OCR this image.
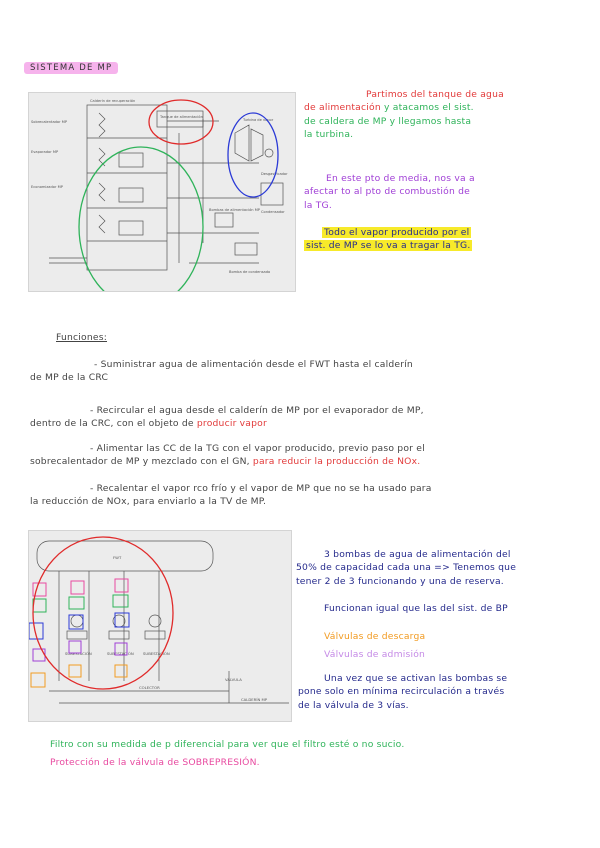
SISTEMA DE MP
Calderín de recuperación
Tanque de alimentación
Sobrecalentador MP
Evaporador MP
Economizador MP
Turbina de vapor
Bombas de alimentación MP Condensador
Desgasificador
Bomba de condensado
Partimos del tanque de agua
de alimentación y atacamos el sist.
de caldera de MP y llegamos hasta
la turbina.
En este pto de media, nos va a
afectar to al pto de combustión de
la TG.
Todo el vapor producido por el
sist. de MP se lo va a tragar la TG.
Funciones:
- Suministrar agua de alimentación desde el FWT hasta el calderín
de MP de la CRC
- Recircular el agua desde el calderín de MP por el evaporador de MP,
dentro de la CRC, con el objeto de producir vapor
- Alimentar las CC de la TG con el vapor producido, previo paso por el
sobrecalentador de MP y mezclado con el GN, para reducir la producción de NOx.
- Recalentar el vapor rco frío y el vapor de MP que no se ha usado para
la reducción de NOx, para enviarlo a la TV de MP.
FWT
SUBESTACIÓN	SUBESTACIÓN SUBESTACIÓN
COLECTOR
VÁLVULA
CALDERÍN MP
3 bombas de agua de alimentación del
50% de capacidad cada una => Tenemos que
tener 2 de 3 funcionando y una de reserva.
Funcionan igual que las del sist. de BP
Válvulas de descarga
Válvulas de admisión
Una vez que se activan las bombas se
pone solo en mínima recirculación a través
de la válvula de 3 vías.
Filtro con su medida de p diferencial para ver que el filtro esté o no sucio.
Protección de la válvula de SOBREPRESIÓN.
